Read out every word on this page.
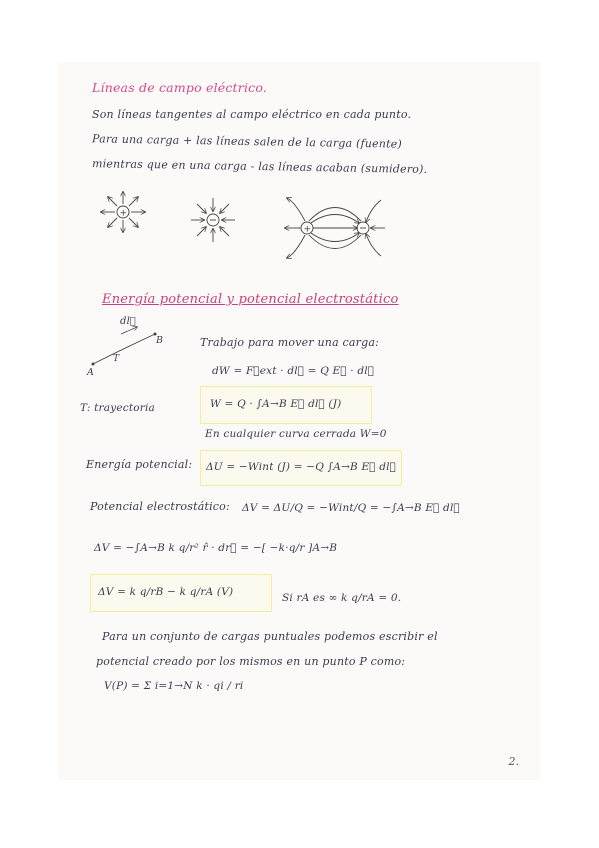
Líneas de campo eléctrico.
Son líneas tangentes al campo eléctrico en cada punto.
Para una carga + las líneas salen de la carga (fuente)
mientras que en una carga - las líneas acaban (sumidero).
+
+
Energía potencial y potencial electrostático
dl⃗
B
A
T
Trabajo para mover una carga:
dW = F⃗ext · dl⃗ = Q E⃗ · dl⃗
T: trayectoria	W = Q · ∫A→B E⃗ dl⃗ (J)
En cualquier curva cerrada W=0
Energía potencial: ΔU = −Wint (J) = −Q ∫A→B E⃗ dl⃗
Potencial electrostático: ΔV = ΔU/Q = −Wint/Q = −∫A→B E⃗ dl⃗
ΔV = −∫A→B k q/r² r̂ · dr⃗ = −[ −k·q/r ]A→B
ΔV = k q/rB − k q/rA (V)	Si rA es ∞ k q/rA = 0.
Para un conjunto de cargas puntuales podemos escribir el
potencial creado por los mismos en un punto P como:
V(P) = Σ i=1→N k · qi / ri
2.
